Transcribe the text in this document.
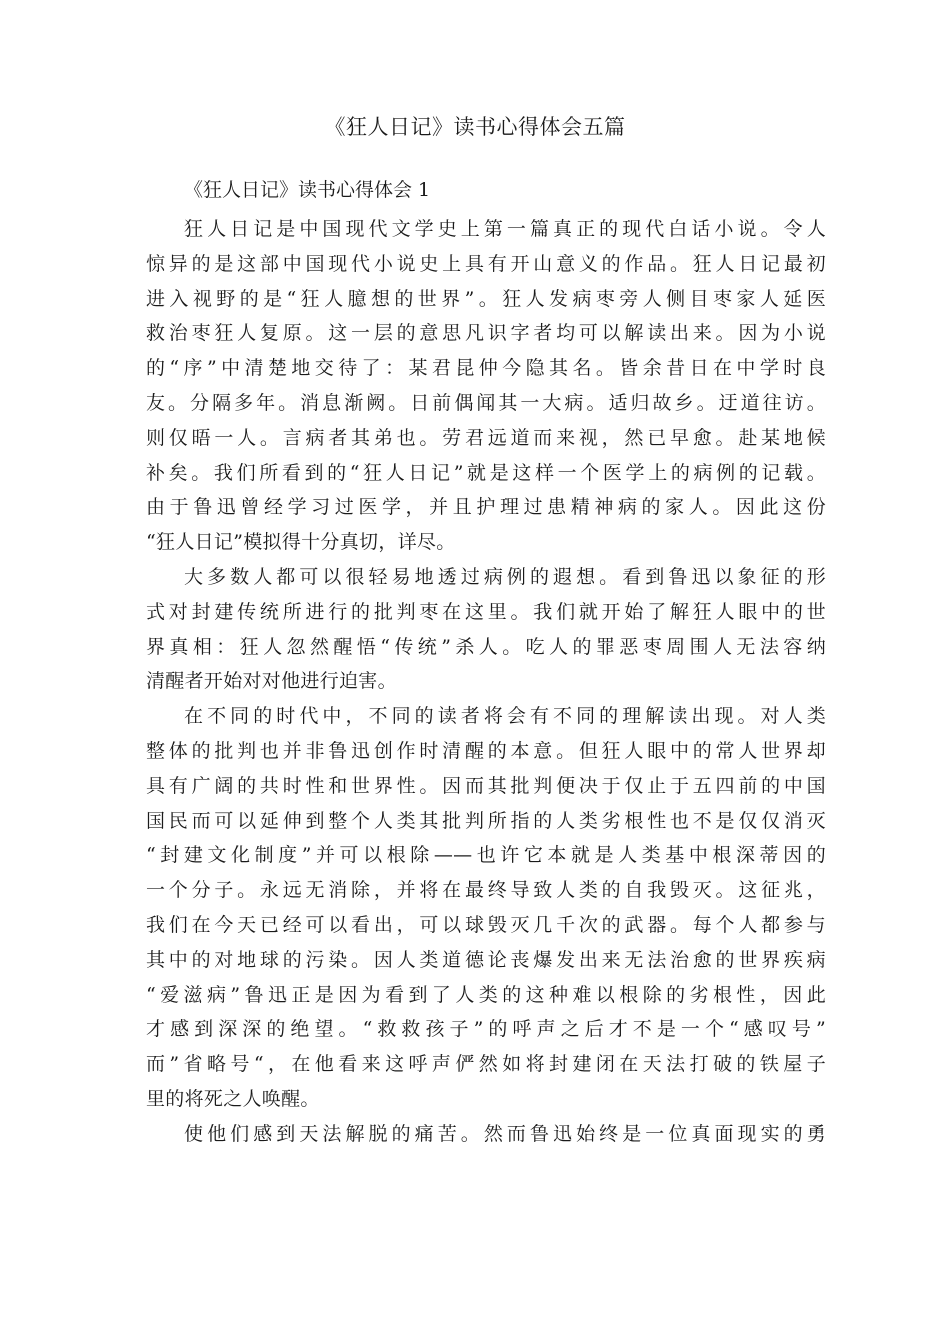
《狂人日记》读书心得体会五篇
《狂人日记》读书心得体会 1
狂人日记是中国现代文学史上第一篇真正的现代白话小说。令人
惊异的是这部中国现代小说史上具有开山意义的作品。狂人日记最初
进入视野的是“狂人臆想的世界”。狂人发病枣旁人侧目枣家人延医
救治枣狂人复原。这一层的意思凡识字者均可以解读出来。因为小说
的“序”中清楚地交待了：某君昆仲今隐其名。皆余昔日在中学时良
友。分隔多年。消息渐阙。日前偶闻其一大病。适归故乡。迂道往访。
则仅晤一人。言病者其弟也。劳君远道而来视，然已早愈。赴某地候
补矣。我们所看到的“狂人日记”就是这样一个医学上的病例的记载。
由于鲁迅曾经学习过医学，并且护理过患精神病的家人。因此这份
“狂人日记”模拟得十分真切，详尽。
大多数人都可以很轻易地透过病例的遐想。看到鲁迅以象征的形
式对封建传统所进行的批判枣在这里。我们就开始了解狂人眼中的世
界真相：狂人忽然醒悟“传统”杀人。吃人的罪恶枣周围人无法容纳
清醒者开始对对他进行迫害。
在不同的时代中，不同的读者将会有不同的理解读出现。对人类
整体的批判也并非鲁迅创作时清醒的本意。但狂人眼中的常人世界却
具有广阔的共时性和世界性。因而其批判便决于仅止于五四前的中国
国民而可以延伸到整个人类其批判所指的人类劣根性也不是仅仅消灭
“封建文化制度”并可以根除——也许它本就是人类基中根深蒂因的
一个分子。永远无消除，并将在最终导致人类的自我毁灭。这征兆，
我们在今天已经可以看出，可以球毁灭几千次的武器。每个人都参与
其中的对地球的污染。因人类道德论丧爆发出来无法治愈的世界疾病
“爱滋病”鲁迅正是因为看到了人类的这种难以根除的劣根性，因此
才感到深深的绝望。“救救孩子”的呼声之后才不是一个“感叹号”
而”省略号“，在他看来这呼声俨然如将封建闭在天法打破的铁屋子
里的将死之人唤醒。
使他们感到天法解脱的痛苦。然而鲁迅始终是一位真面现实的勇
